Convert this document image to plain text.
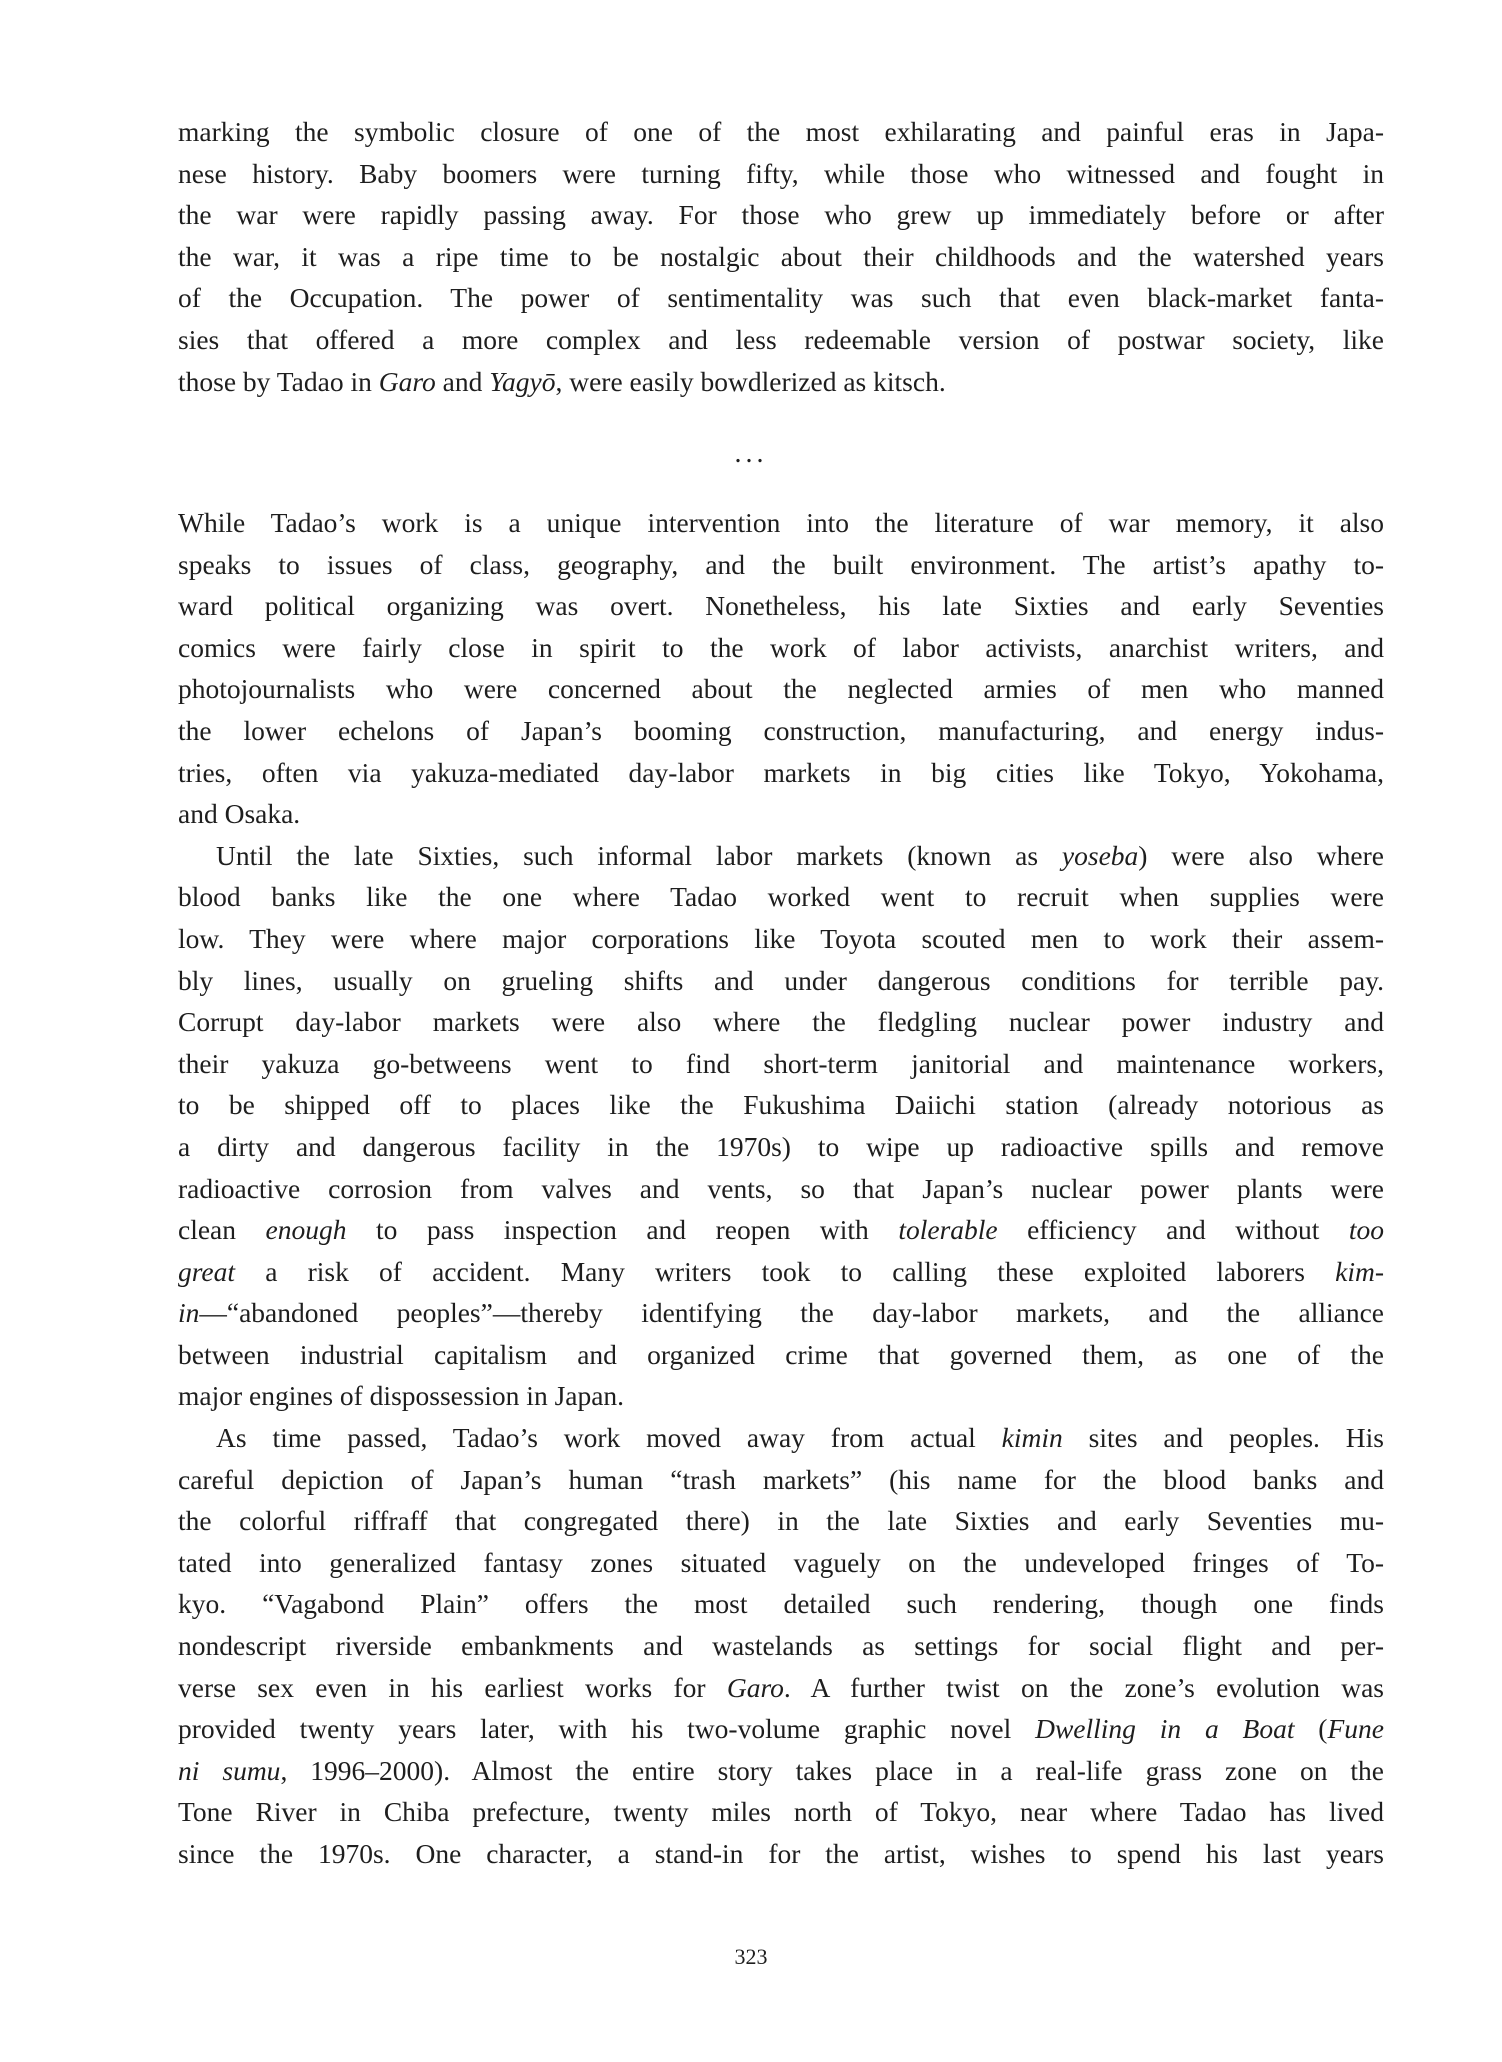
marking the symbolic closure of one of the most exhilarating and painful eras in Japa-
nese history. Baby boomers were turning fifty, while those who witnessed and fought in
the war were rapidly passing away. For those who grew up immediately before or after
the war, it was a ripe time to be nostalgic about their childhoods and the watershed years
of the Occupation. The power of sentimentality was such that even black-market fanta-
sies that offered a more complex and less redeemable version of postwar society, like
those by Tadao in Garo and Yagyō, were easily bowdlerized as kitsch.
...
While Tadao’s work is a unique intervention into the literature of war memory, it also
speaks to issues of class, geography, and the built environment. The artist’s apathy to-
ward political organizing was overt. Nonetheless, his late Sixties and early Seventies
comics were fairly close in spirit to the work of labor activists, anarchist writers, and
photojournalists who were concerned about the neglected armies of men who manned
the lower echelons of Japan’s booming construction, manufacturing, and energy indus-
tries, often via yakuza-mediated day-labor markets in big cities like Tokyo, Yokohama,
and Osaka.
Until the late Sixties, such informal labor markets (known as yoseba) were also where
blood banks like the one where Tadao worked went to recruit when supplies were
low. They were where major corporations like Toyota scouted men to work their assem-
bly lines, usually on grueling shifts and under dangerous conditions for terrible pay.
Corrupt day-labor markets were also where the fledgling nuclear power industry and
their yakuza go-betweens went to find short-term janitorial and maintenance workers,
to be shipped off to places like the Fukushima Daiichi station (already notorious as
a dirty and dangerous facility in the 1970s) to wipe up radioactive spills and remove
radioactive corrosion from valves and vents, so that Japan’s nuclear power plants were
clean enough to pass inspection and reopen with tolerable efficiency and without too
great a risk of accident. Many writers took to calling these exploited laborers kim-
in—“abandoned peoples”—thereby identifying the day-labor markets, and the alliance
between industrial capitalism and organized crime that governed them, as one of the
major engines of dispossession in Japan.
As time passed, Tadao’s work moved away from actual kimin sites and peoples. His
careful depiction of Japan’s human “trash markets” (his name for the blood banks and
the colorful riffraff that congregated there) in the late Sixties and early Seventies mu-
tated into generalized fantasy zones situated vaguely on the undeveloped fringes of To-
kyo. “Vagabond Plain” offers the most detailed such rendering, though one finds
nondescript riverside embankments and wastelands as settings for social flight and per-
verse sex even in his earliest works for Garo. A further twist on the zone’s evolution was
provided twenty years later, with his two-volume graphic novel Dwelling in a Boat (Fune
ni sumu, 1996–2000). Almost the entire story takes place in a real-life grass zone on the
Tone River in Chiba prefecture, twenty miles north of Tokyo, near where Tadao has lived
since the 1970s. One character, a stand-in for the artist, wishes to spend his last years
323
